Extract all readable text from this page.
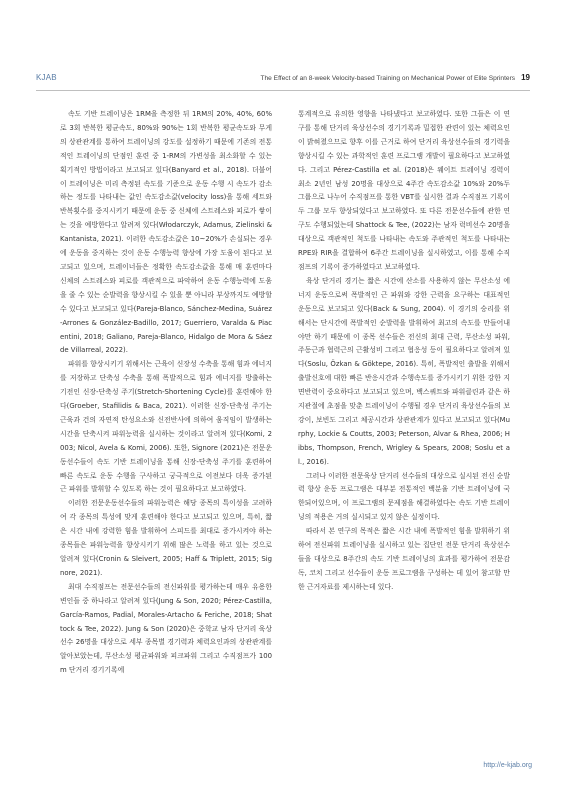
KJAB	The Effect of an 8-week Velocity-based Training on Mechanical Power of Elite Sprinters 19

속도 기반 트레이닝은 1RM을 측정한 뒤 1RM의 20%, 40%, 60%로 3회 반복한 평균속도, 80%와 90%는 1회 반복한 평균속도와 무게의 상관관계를 통하여 트레이닝의 강도를 설정하기 때문에 기존의 전통적인 트레이닝의 단점인 훈련 중 1-RM의 가변성을 최소화할 수 있는 획기적인 방법이라고 보고되고 있다(Banyard et al., 2018). 더불어 이 트레이닝은 미리 측정된 속도를 기준으로 운동 수행 시 속도가 감소하는 정도를 나타내는 값인 속도감소값(velocity loss)을 통해 세트와 반복횟수를 중지시키기 때문에 운동 중 신체에 스트레스와 피로가 쌓이는 것을 예방한다고 알려져 있다(Włodarczyk, Adamus, Zielinski & Kantanista, 2021). 이러한 속도감소값은 10~20%가 손실되는 경우에 운동을 중지하는 것이 운동 수행능력 향상에 가장 도움이 된다고 보고되고 있으며, 트레이너들은 정확한 속도감소값을 통해 매 훈련마다 신체의 스트레스와 피로를 객관적으로 파악하여 운동 수행능력에 도움을 줄 수 있는 순발력을 향상시킬 수 있을 뿐 아니라 부상까지도 예방할 수 있다고 보고되고 있다(Pareja-Blanco, Sánchez-Medina, Suárez-Arrones & González-Badillo, 2017; Guerriero, Varalda & Piacentini, 2018; Galiano, Pareja-Blanco, Hidalgo de Mora & Sáez de Villarreal, 2022).

파워를 향상시키기 위해서는 근육이 신장성 수축을 통해 힘과 에너지를 저장하고 단축성 수축을 통해 폭발적으로 힘과 에너지를 방출하는 기전인 신장-단축성 주기(Stretch-Shortening Cycle)를 훈련해야 한다(Groeber, Stafilidis & Baca, 2021). 이러한 신장-단축성 주기는 근육과 건의 자연적 탄성요소와 신전반사에 의하여 움직임이 발생하는 시간을 단축시켜 파워능력을 실시하는 것이라고 알려져 있다(Komi, 2003; Nicol, Avela & Komi, 2006). 또한, Signore (2021)은 전문운동선수들이 속도 기반 트레이닝을 통해 신장-단축성 주기를 훈련하여 빠른 속도로 운동 수행을 구사하고 궁극적으로 이전보다 더욱 증가된 근 파워를 발휘할 수 있도록 하는 것이 필요하다고 보고하였다.

이러한 전문운동선수들의 파워능력은 해당 종목의 특이성을 고려하여 각 종목의 특성에 맞게 훈련해야 한다고 보고되고 있으며, 특히, 짧은 시간 내에 강력한 힘을 발휘하여 스피드를 최대로 증가시켜야 하는 종목들은 파워능력을 향상시키기 위해 많은 노력을 하고 있는 것으로 알려져 있다(Cronin & Sleivert, 2005; Haff & Triplett, 2015; Signore, 2021).

최대 수직점프는 전문선수들의 전신파워를 평가하는데 매우 유용한 변인들 중 하나라고 알려져 있다(Jung & Son, 2020; Pérez-Castilla, García-Ramos, Padial, Morales-Artacho & Feriche, 2018; Shattock & Tee, 2022). Jung & Son (2020)은 중학교 남자 단거리 육상선수 26명을 대상으로 세부 종목별 경기력과 체력요인과의 상관관계를 알아보았는데, 무산소성 평균파워와 피크파워 그리고 수직점프가 100 m 단거리 경기기록에

통계적으로 유의한 영향을 나타냈다고 보고하였다. 또한 그들은 이 연구를 통해 단거리 육상선수의 경기기록과 밀접한 관련이 있는 체력요인이 밝혀졌으므로 향후 이를 근거로 하여 단거리 육상선수들의 경기력을 향상시킬 수 있는 과학적인 훈련 프로그램 개발이 필요하다고 보고하였다. 그리고 Pérez-Castilla et al. (2018)은 웨이트 트레이닝 경력이 최소 2년인 남성 20명을 대상으로 4주간 속도감소값 10%와 20%두 그룹으로 나누어 수직점프를 통한 VBT를 실시한 결과 수직점프 기록이 두 그룹 모두 향상되었다고 보고하였다. 또 다른 전문선수들에 관한 연구도 수행되었는데 Shattock & Tee, (2022)는 남자 럭비선수 20명을 대상으로 객관적인 척도를 나타내는 속도와 주관적인 척도를 나타내는 RPE와 RIR을 결합하여 6주간 트레이닝을 실시하였고, 이를 통해 수직점프의 기록이 증가하였다고 보고하였다.

육상 단거리 경기는 짧은 시간에 산소를 사용하지 않는 무산소성 에너지 운동으로써 폭발적인 근 파워와 강한 근력을 요구하는 대표적인 운동으로 보고되고 있다(Back & Sung, 2004). 이 경기의 승리를 위해서는 단시간에 폭발적인 순발력을 발휘하여 최고의 속도를 만들어내야만 하기 때문에 이 종목 선수들은 전신의 최대 근력, 무산소성 파워, 주동근과 협력근의 근활성비 그리고 협응성 등이 필요하다고 알려져 있다(Soslu, Özkan & Göktepe, 2016). 특히, 폭발적인 출발을 위해서 출발신호에 대한 빠른 반응시간과 수행속도를 증가시키기 위한 강한 지면반력이 중요하다고 보고되고 있으며, 백스쿼트와 파워클린과 같은 하지관절에 초점을 맞춘 트레이닝이 수행될 경우 단거리 육상선수들의 보강이, 보빈도 그리고 체공시간과 상관관계가 있다고 보고되고 있다(Murphy, Lockie & Coutts, 2003; Peterson, Alvar & Rhea, 2006; Hibbs, Thompson, French, Wrigley & Spears, 2008; Soslu et al., 2016).

그러나 이러한 전문육상 단거리 선수들의 대상으로 실시된 전신 순발력 향상 운동 프로그램은 대부분 전통적인 백분율 기반 트레이닝에 국한되어있으며, 이 프로그램의 문제점을 해결하였다는 속도 기반 트레이닝의 적용은 거의 실시되고 있지 않은 실정이다.

따라서 본 연구의 목적은 짧은 시간 내에 폭발적인 힘을 발휘하기 위하여 전신파워 트레이닝을 실시하고 있는 집단인 전문 단거리 육상선수들을 대상으로 8주간의 속도 기반 트레이닝의 효과를 평가하여 전문감독, 코치 그리고 선수들이 운동 프로그램을 구성하는 데 있어 참고할 만한 근거자료를 제시하는데 있다.

http://e-kjab.org
